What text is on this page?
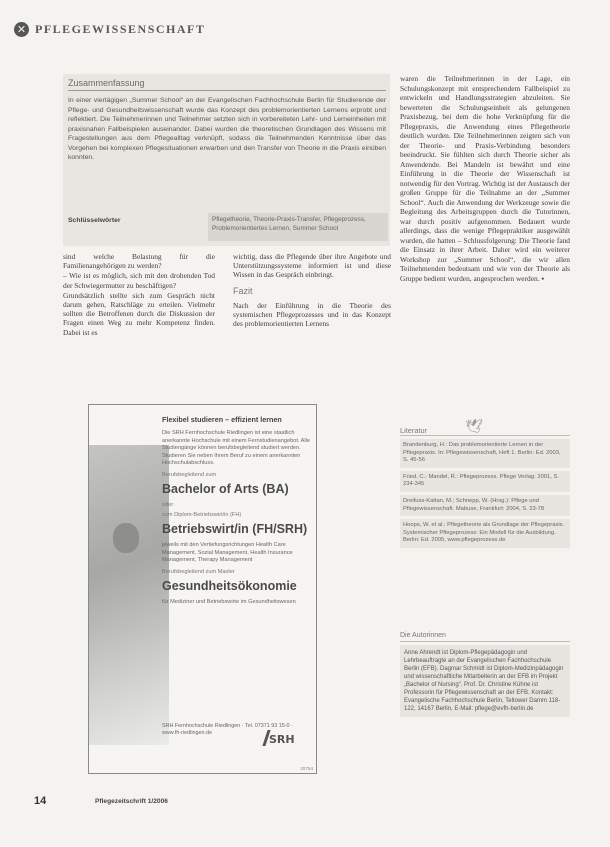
✕ PFLEGEWISSENSCHAFT
Zusammenfassung
In einer viertägigen „Summer School“ an der Evangelischen Fachhochschule Berlin für Studierende der Pflege- und Gesundheitswissenschaft wurde das Konzept des problemorientierten Lernens erprobt und reflektiert. Die Teilnehmerinnen und Teilnehmer setzten sich in vorbereiteten Lehr- und Lerneinheiten mit praxisnahen Fallbeispielen auseinander. Dabei wurden die theoretischen Grundlagen des Wissens mit Fragestellungen aus dem Pflegealltag verknüpft, sodass die Teilnehmenden Kenntnisse über das Vorgehen bei komplexen Pflegesituationen erwarben und den Transfer von Theorie in die Praxis einüben konnten.
Schlüsselwörter	Pflegetheorie, Theorie-Praxis-Transfer, Pflegeprozess, Problemorientiertes Lernen, Summer School

sind welche Belastung für die Familienangehörigen zu werden?

– Wie ist es möglich, sich mit den drohenden Tod der Schwiegermutter zu beschäftigen?

Grundsätzlich stellte sich zum Gespräch nicht darum gehen, Ratschläge zu erteilen. Vielmehr sollten die Betroffenen durch die Diskussion der Fragen einen Weg zu mehr Kompetenz finden. Dabei ist es

wichtig, dass die Pflegende über ihre Angebote und Unterstützungssysteme informiert ist und diese Wissen in das Gespräch einbringt.

Fazit

Nach der Einführung in die Theorie des systemischen Pflegeprozesses und in das Konzept des problemorientierten Lernens

waren die Teilnehmerinnen in der Lage, ein Schulungskonzept mit entsprechendem Fallbeispiel zu entwickeln und Handlungsstrategien abzuleiten. Sie bewerteten die Schulungseinheit als gelungenen Praxisbezug, bei dem die hohe Verknüpfung für die Pflegepraxis, die Anwendung eines Pflegetheorie deutlich wurden. Die Teilnehmerinnen zeigten sich von der Theorie- und Praxis-Verbindung besonders beeindruckt. Sie fühlten sich durch Theorie sicher als Anwendende. Bei Mandeln ist bewährt und eine Einführung in die Theorie der Wissenschaft ist notwendig für den Vortrag. Wichtig ist der Austausch der großen Gruppe für die Teilnahme an der „Summer School“. Auch die Anwendung der Werkzeuge sowie die Begleitung des Arbeitsgruppen durch die Tutorinnen, war durch positiv aufgenommen. Bedauert wurde allerdings, dass die wenige Pflegepraktiker ausgewählt wurden, die hatten – Schlussfolgerung: Die Theorie fand die Einsatz in ihrer Arbeit. Daher wird ein weiterer Workshop zur „Summer School“, die wir allen Teilnehmenden bedeutsam und wie von der Theorie als Gruppe bedient wurden, angesprochen werden. ▪

Flexibel studieren – effizient lernen
Die SRH Fernhochschule Riedlingen ist eine staatlich anerkannte Hochschule mit einem Fernstudienangebot. Alle Studiengänge können berufsbegleitend studiert werden. Studieren Sie neben Ihrem Beruf zu einem anerkannten Hochschulabschluss.
Berufsbegleitend zum
Bachelor of Arts (BA)
oder
zum Diplom-Betriebswirt/in (FH)
Betriebswirt/in (FH/SRH)
jeweils mit den Vertiefungsrichtungen Health Care Management, Sozial Management, Health Insurance Management, Therapy Management
Berufsbegleitend zum Master
Gesundheitsökonomie
für Mediziner und Betriebswirte im Gesundheitswesen
SRH Fernhochschule Riedlingen · Tel. 07371 93 15-0 · www.fh-riedlingen.de	SRH
20754
Literatur	🕊
Brandenburg, H.: Das problemorientierte Lernen in der Pflegepraxis. In: Pflegewissenschaft, Heft 1. Berlin: Ed. 2003, S. 45-56
Fried, C.: Mandel, R.: Pflegeprozess. Pflege Verlag: 2001, S. 234-345
Dreifuss-Kattan, M.; Schnepp, W. (Hrsg.): Pflege und Pflegewissenschaft. Mabuse, Frankfurt: 2004, S. 23-78
Hoops, W. et al.: Pflegetheorie als Grundlage der Pflegepraxis. Systemischer Pflegeprozess: Ein Modell für die Ausbildung. Berlin: Ed. 2005, www.pflegeprozess.de
Die Autorinnen
Anne Ahrendt ist Diplom-Pflegepädagogin und Lehrbeauftragte an der Evangelischen Fachhochschule Berlin (EFB). Dagmar Schmidt ist Diplom-Medizinpädagogin und wissenschaftliche Mitarbeiterin an der EFB im Projekt „Bachelor of Nursing“. Prof. Dr. Christine Kühne ist Professorin für Pflegewissenschaft an der EFB. Kontakt: Evangelische Fachhochschule Berlin, Teltower Damm 118-122, 14167 Berlin, E-Mail: pflege@evfh-berlin.de
14	Pflegezeitschrift 1/2006
